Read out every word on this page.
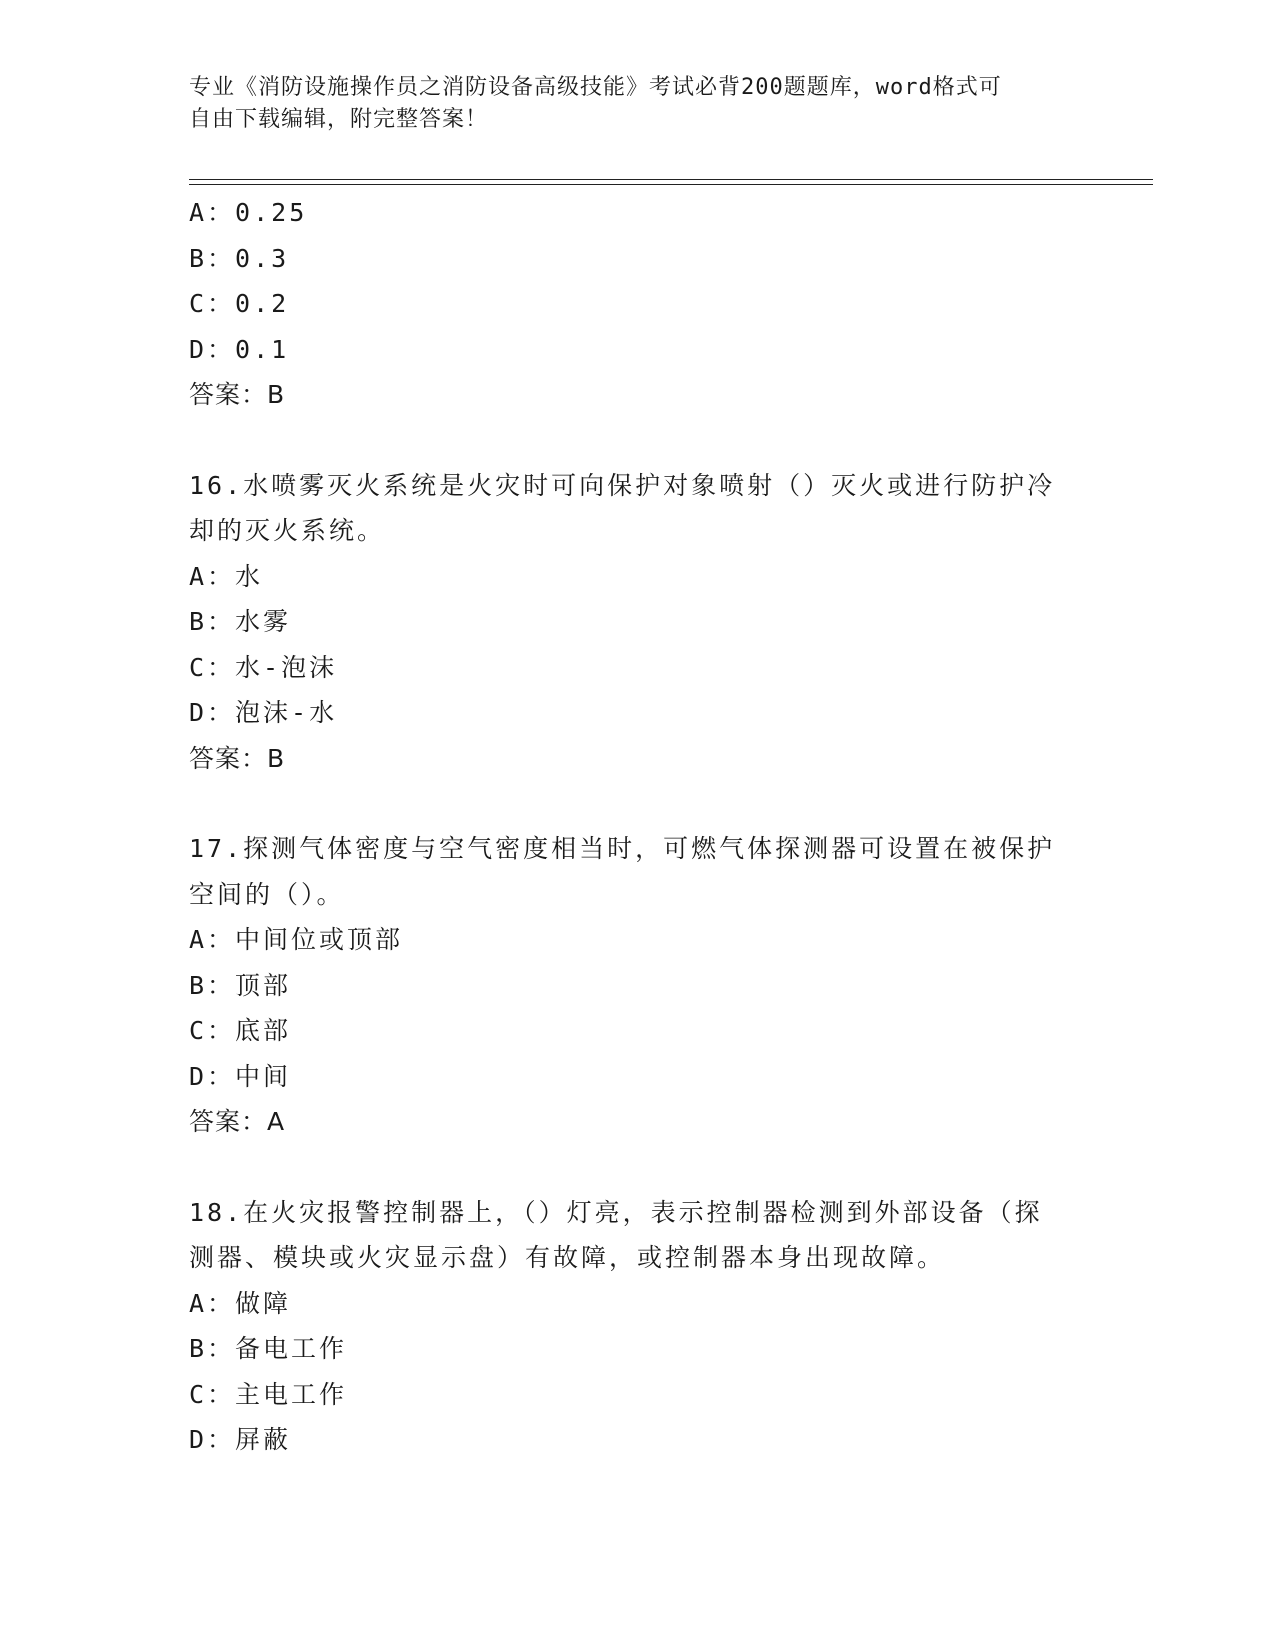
专业《消防设施操作员之消防设备高级技能》考试必背200题题库，word格式可
自由下载编辑，附完整答案！
A：0.25
B：0.3
C：0.2
D：0.1
答案：B
16.水喷雾灭火系统是火灾时可向保护对象喷射（）灭火或进行防护冷
却的灭火系统。
A：水
B：水雾
C：水-泡沫
D：泡沫-水
答案：B
17.探测气体密度与空气密度相当时，可燃气体探测器可设置在被保护
空间的（）。
A：中间位或顶部
B：顶部
C：底部
D：中间
答案：A
18.在火灾报警控制器上，（）灯亮，表示控制器检测到外部设备（探
测器、模块或火灾显示盘）有故障，或控制器本身出现故障。
A：做障
B：备电工作
C：主电工作
D：屏蔽
